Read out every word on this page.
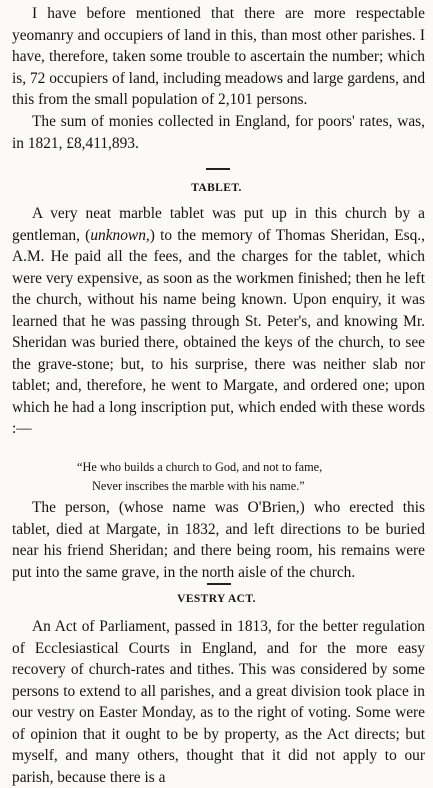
I have before mentioned that there are more respectable yeomanry and occupiers of land in this, than most other parishes. I have, therefore, taken some trouble to ascertain the number; which is, 72 occupiers of land, including meadows and large gardens, and this from the small population of 2,101 persons.
The sum of monies collected in England, for poors' rates, was, in 1821, £8,411,893.
TABLET.
A very neat marble tablet was put up in this church by a gentleman, (unknown,) to the memory of Thomas Sheridan, Esq., A.M. He paid all the fees, and the charges for the tablet, which were very expensive, as soon as the workmen finished; then he left the church, without his name being known. Upon enquiry, it was learned that he was passing through St. Peter's, and knowing Mr. Sheridan was buried there, obtained the keys of the church, to see the grave-stone; but, to his surprise, there was neither slab nor tablet; and, therefore, he went to Margate, and ordered one; upon which he had a long inscription put, which ended with these words :—
“He who builds a church to God, and not to fame,
Never inscribes the marble with his name.”
The person, (whose name was O'Brien,) who erected this tablet, died at Margate, in 1832, and left directions to be buried near his friend Sheridan; and there being room, his remains were put into the same grave, in the north aisle of the church.
VESTRY ACT.
An Act of Parliament, passed in 1813, for the better regulation of Ecclesiastical Courts in England, and for the more easy recovery of church-rates and tithes. This was considered by some persons to extend to all parishes, and a great division took place in our vestry on Easter Monday, as to the right of voting. Some were of opinion that it ought to be by property, as the Act directs; but myself, and many others, thought that it did not apply to our parish, because there is a
